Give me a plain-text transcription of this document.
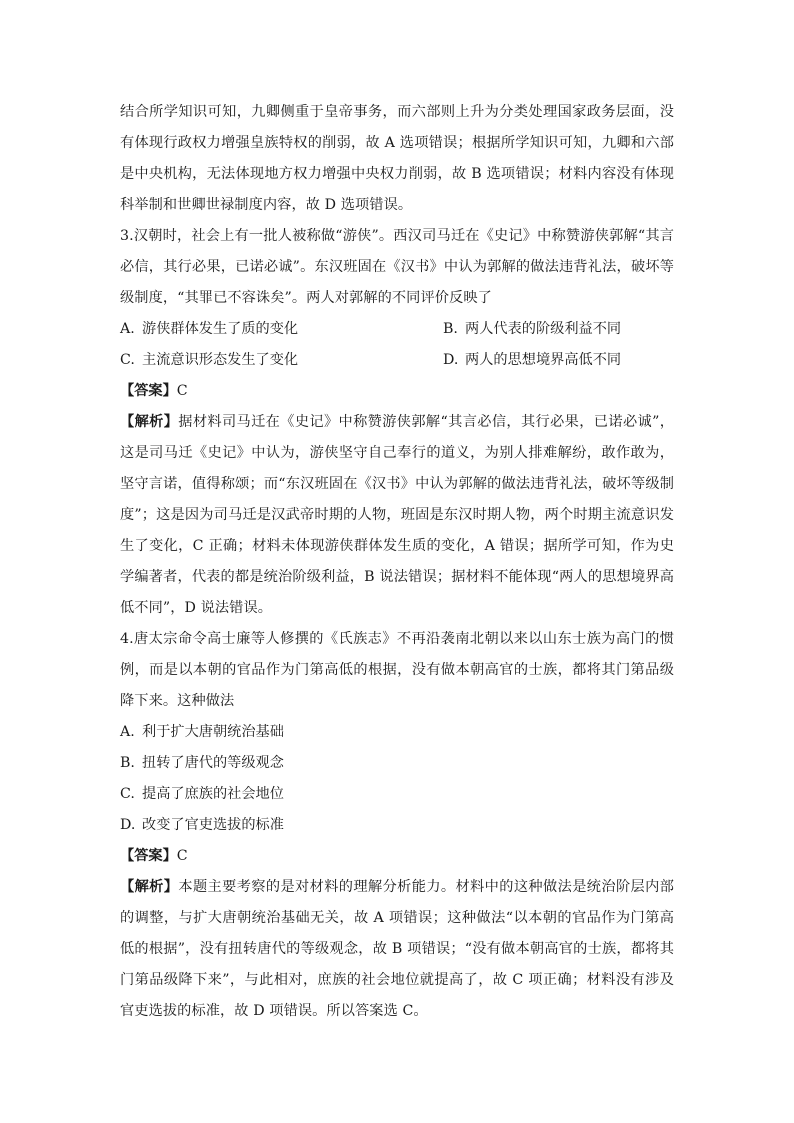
结合所学知识可知，九卿侧重于皇帝事务，而六部则上升为分类处理国家政务层面，没有体现行政权力增强皇族特权的削弱，故 A 选项错误；根据所学知识可知，九卿和六部是中央机构，无法体现地方权力增强中央权力削弱，故 B 选项错误；材料内容没有体现科举制和世卿世禄制度内容，故 D 选项错误。

3.汉朝时，社会上有一批人被称做“游侠”。西汉司马迁在《史记》中称赞游侠郭解“其言必信，其行必果，已诺必诚”。东汉班固在《汉书》中认为郭解的做法违背礼法，破坏等级制度，“其罪已不容诛矣”。两人对郭解的不同评价反映了

A. 游侠群体发生了质的变化	B. 两人代表的阶级利益不同

C. 主流意识形态发生了变化	D. 两人的思想境界高低不同

【答案】C

【解析】据材料司马迁在《史记》中称赞游侠郭解“其言必信，其行必果，已诺必诚”，这是司马迁《史记》中认为，游侠坚守自己奉行的道义，为别人排难解纷，敢作敢为，坚守言诺，值得称颂；而“东汉班固在《汉书》中认为郭解的做法违背礼法，破坏等级制度”；这是因为司马迁是汉武帝时期的人物，班固是东汉时期人物，两个时期主流意识发生了变化，C 正确；材料未体现游侠群体发生质的变化，A 错误；据所学可知，作为史学编著者，代表的都是统治阶级利益，B 说法错误；据材料不能体现“两人的思想境界高低不同”，D 说法错误。

4.唐太宗命令高士廉等人修撰的《氏族志》不再沿袭南北朝以来以山东士族为高门的惯例，而是以本朝的官品作为门第高低的根据，没有做本朝高官的士族，都将其门第品级降下来。这种做法

A. 利于扩大唐朝统治基础

B. 扭转了唐代的等级观念

C. 提高了庶族的社会地位

D. 改变了官吏选拔的标准

【答案】C

【解析】本题主要考察的是对材料的理解分析能力。材料中的这种做法是统治阶层内部的调整，与扩大唐朝统治基础无关，故 A 项错误；这种做法“以本朝的官品作为门第高低的根据”，没有扭转唐代的等级观念，故 B 项错误；“没有做本朝高官的士族，都将其门第品级降下来”，与此相对，庶族的社会地位就提高了，故 C 项正确；材料没有涉及官吏选拔的标准，故 D 项错误。所以答案选 C。
